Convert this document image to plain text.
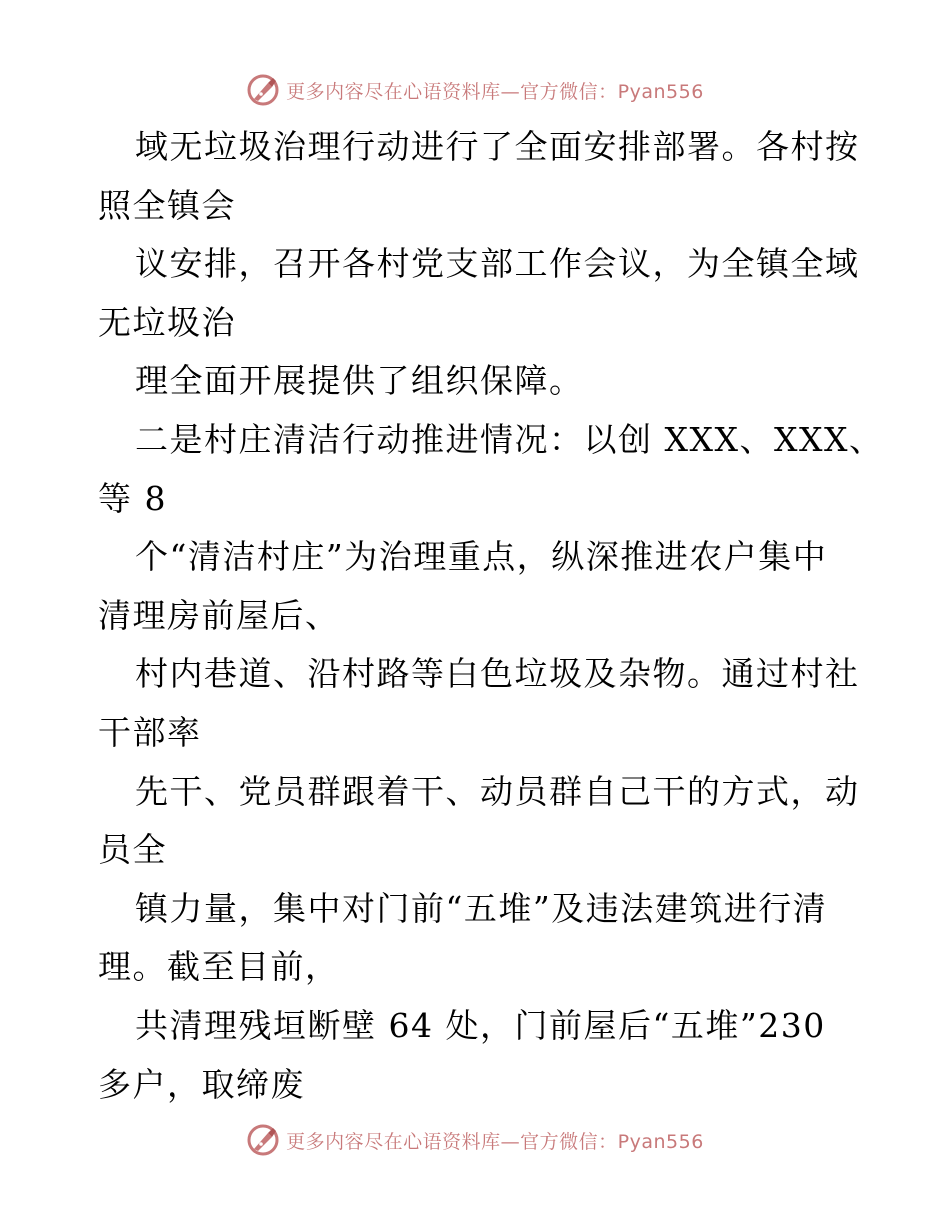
更多内容尽在心语资料库—官方微信：Pyan556
域无垃圾治理行动进行了全面安排部署。各村按
照全镇会
议安排，召开各村党支部工作会议，为全镇全域
无垃圾治
理全面开展提供了组织保障。
二是村庄清洁行动推进情况：以创 XXX、XXX、
等 8
个“清洁村庄”为治理重点，纵深推进农户集中
清理房前屋后、
村内巷道、沿村路等白色垃圾及杂物。通过村社
干部率
先干、党员群跟着干、动员群自己干的方式，动
员全
镇力量，集中对门前“五堆”及违法建筑进行清
理。截至目前，
共清理残垣断壁 64 处，门前屋后“五堆”230
多户，取缔废
更多内容尽在心语资料库—官方微信：Pyan556
